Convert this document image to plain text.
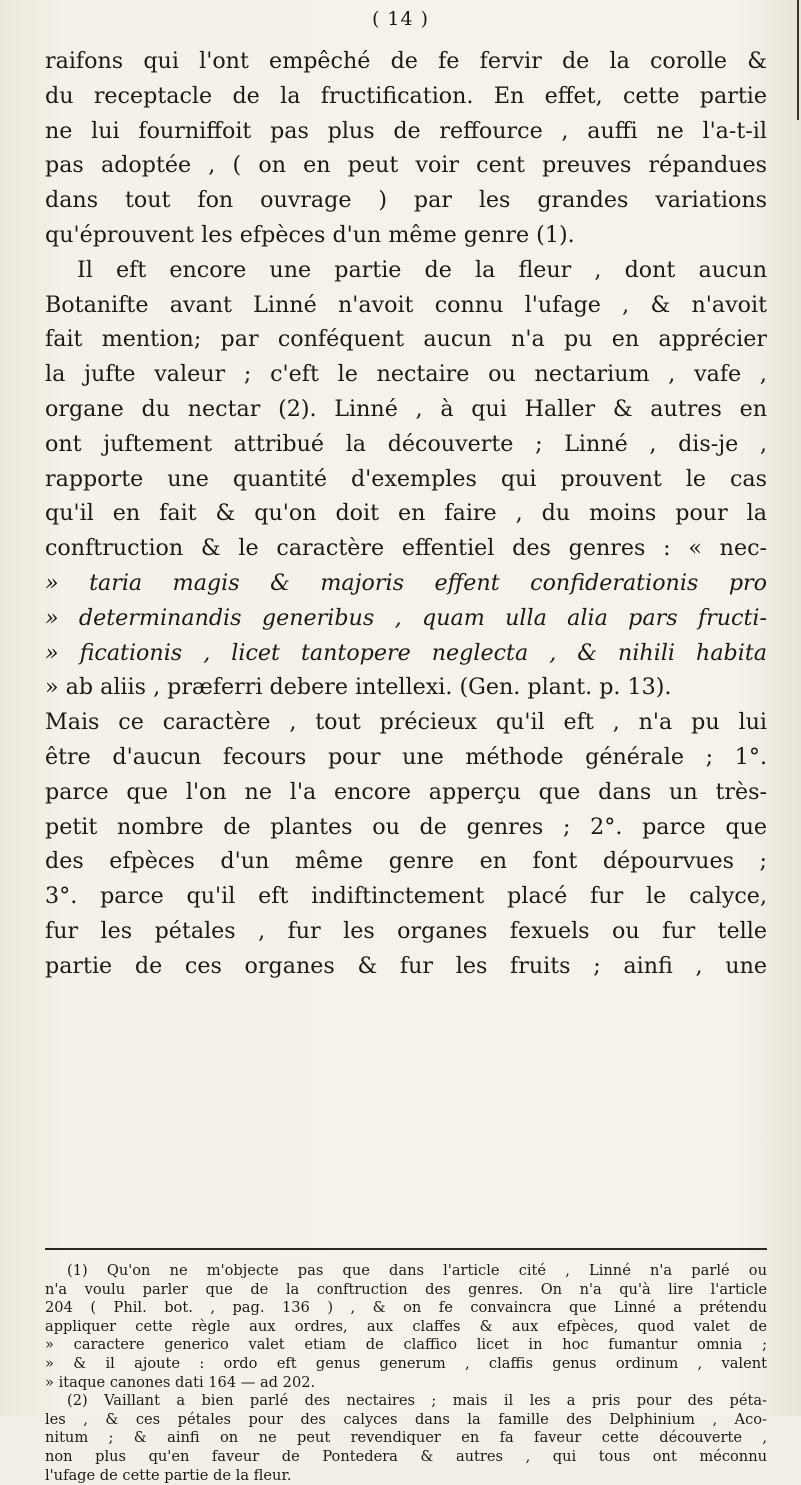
( 14 )
raifons qui l'ont empêché de fe fervir de la corolle &
du receptacle de la fructification. En effet, cette partie
ne lui fourniffoit pas plus de reffource , auffi ne l'a-t-il
pas adoptée , ( on en peut voir cent preuves répandues
dans tout fon ouvrage ) par les grandes variations
qu'éprouvent les efpèces d'un même genre (1).
Il eft encore une partie de la fleur , dont aucun
Botanifte avant Linné n'avoit connu l'ufage , & n'avoit
fait mention; par conféquent aucun n'a pu en apprécier
la jufte valeur ; c'eft le nectaire ou nectarium , vafe ,
organe du nectar (2). Linné , à qui Haller & autres en
ont juftement attribué la découverte ; Linné , dis-je ,
rapporte une quantité d'exemples qui prouvent le cas
qu'il en fait & qu'on doit en faire , du moins pour la
conftruction & le caractère effentiel des genres : « nec-
» taria magis & majoris effent confiderationis pro
» determinandis generibus , quam ulla alia pars fructi-
» ficationis , licet tantopere neglecta , & nihili habita
» ab aliis , præferri debere intellexi. (Gen. plant. p. 13).
Mais ce caractère , tout précieux qu'il eft , n'a pu lui
être d'aucun fecours pour une méthode générale ; 1°.
parce que l'on ne l'a encore apperçu que dans un très-
petit nombre de plantes ou de genres ; 2°. parce que
des efpèces d'un même genre en font dépourvues ;
3°. parce qu'il eft indiftinctement placé fur le calyce,
fur les pétales , fur les organes fexuels ou fur telle
partie de ces organes & fur les fruits ; ainfi , une
(1) Qu'on ne m'objecte pas que dans l'article cité , Linné n'a parlé ou
n'a voulu parler que de la conftruction des genres. On n'a qu'à lire l'article
204 ( Phil. bot. , pag. 136 ) , & on fe convaincra que Linné a prétendu
appliquer cette règle aux ordres, aux claffes & aux efpèces, quod valet de
» caractere generico valet etiam de claffico licet in hoc fumantur omnia ;
» & il ajoute : ordo eft genus generum , claffis genus ordinum , valent
» itaque canones dati 164 — ad 202.
(2) Vaillant a bien parlé des nectaires ; mais il les a pris pour des péta-
les , & ces pétales pour des calyces dans la famille des Delphinium , Aco-
nitum ; & ainfi on ne peut revendiquer en fa faveur cette découverte ,
non plus qu'en faveur de Pontedera & autres , qui tous ont méconnu
l'ufage de cette partie de la fleur.
